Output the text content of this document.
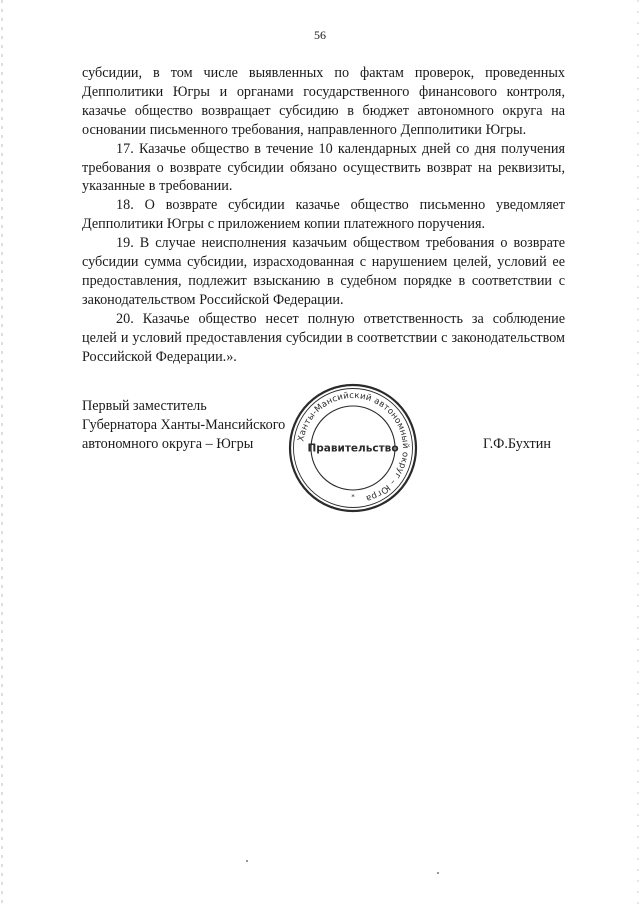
56

субсидии, в том числе выявленных по фактам проверок, проведенных Депполитики Югры и органами государственного финансового контроля, казачье общество возвращает субсидию в бюджет автономного округа на основании письменного требования, направленного Депполитики Югры.

17. Казачье общество в течение 10 календарных дней со дня получения требования о возврате субсидии обязано осуществить возврат на реквизиты, указанные в требовании.

18. О возврате субсидии казачье общество письменно уведомляет Депполитики Югры с приложением копии платежного поручения.

19. В случае неисполнения казачьим обществом требования о возврате субсидии сумма субсидии, израсходованная с нарушением целей, условий ее предоставления, подлежит взысканию в судебном порядке в соответствии с законодательством Российской Федерации.

20. Казачье общество несет полную ответственность за соблюдение целей и условий предоставления субсидии в соответствии с законодательством Российской Федерации.».

Первый заместитель
Губернатора Ханты-Мансийского
автономного округа – Югры	Г.Ф.Бухтин
Ханты-Мансийский автономный округ – Югра
Правительство
*
